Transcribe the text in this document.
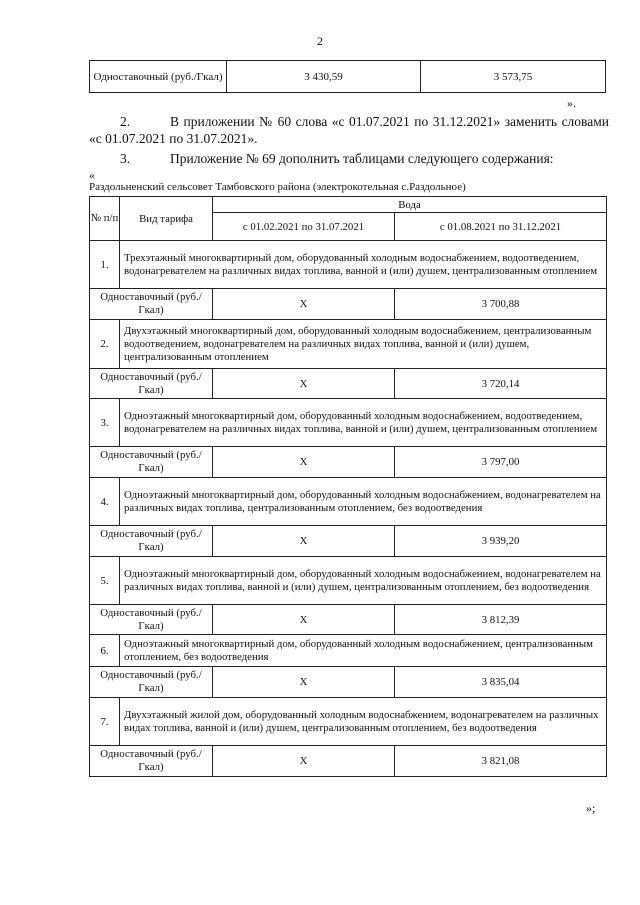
2
Одноставочный (руб./Гкал)	3 430,59	3 573,75
».
2.	В приложении № 60 слова «с 01.07.2021 по 31.12.2021» заменить словами «с 01.07.2021 по 31.07.2021».
3.	Приложение № 69 дополнить таблицами следующего содержания:
«
Раздольненский сельсовет Тамбовского района (электрокотельная с.Раздольное)
№ п/п	Вид тарифа	Вода	
		с 01.02.2021 по 31.07.2021	с 01.08.2021 по 31.12.2021
1.	Трехэтажный многоквартирный дом, оборудованный холодным водоснабжением, водоотведением, водонагревателем на различных видах топлива, ванной и (или) душем, централизованным отоплением		
Одноставочный (руб./Гкал)		Х	3 700,88
2.	Двухэтажный многоквартирный дом, оборудованный холодным водоснабжением, централизованным водоотведением, водонагревателем на различных видах топлива, ванной и (или) душем, централизованным отоплением		
Одноставочный (руб./Гкал)		Х	3 720,14
3.	Одноэтажный многоквартирный дом, оборудованный холодным водоснабжением, водоотведением, водонагревателем на различных видах топлива, ванной и (или) душем, централизованным отоплением		
Одноставочный (руб./Гкал)		Х	3 797,00
4.	Одноэтажный многоквартирный дом, оборудованный холодным водоснабжением, водонагревателем на различных видах топлива, централизованным отоплением, без водоотведения		
Одноставочный (руб./Гкал)		Х	3 939,20
5.	Одноэтажный многоквартирный дом, оборудованный холодным водоснабжением, водонагревателем на различных видах топлива, ванной и (или) душем, централизованным отоплением, без водоотведения		
Одноставочный (руб./Гкал)		Х	3 812,39
6.	Одноэтажный многоквартирный дом, оборудованный холодным водоснабжением, централизованным отоплением, без водоотведения		
Одноставочный (руб./Гкал)		Х	3 835,04
7.	Двухэтажный жилой дом, оборудованный холодным водоснабжением, водонагревателем на различных видах топлива, ванной и (или) душем, централизованным отоплением, без водоотведения		
Одноставочный (руб./Гкал)		Х	3 821,08
»;
